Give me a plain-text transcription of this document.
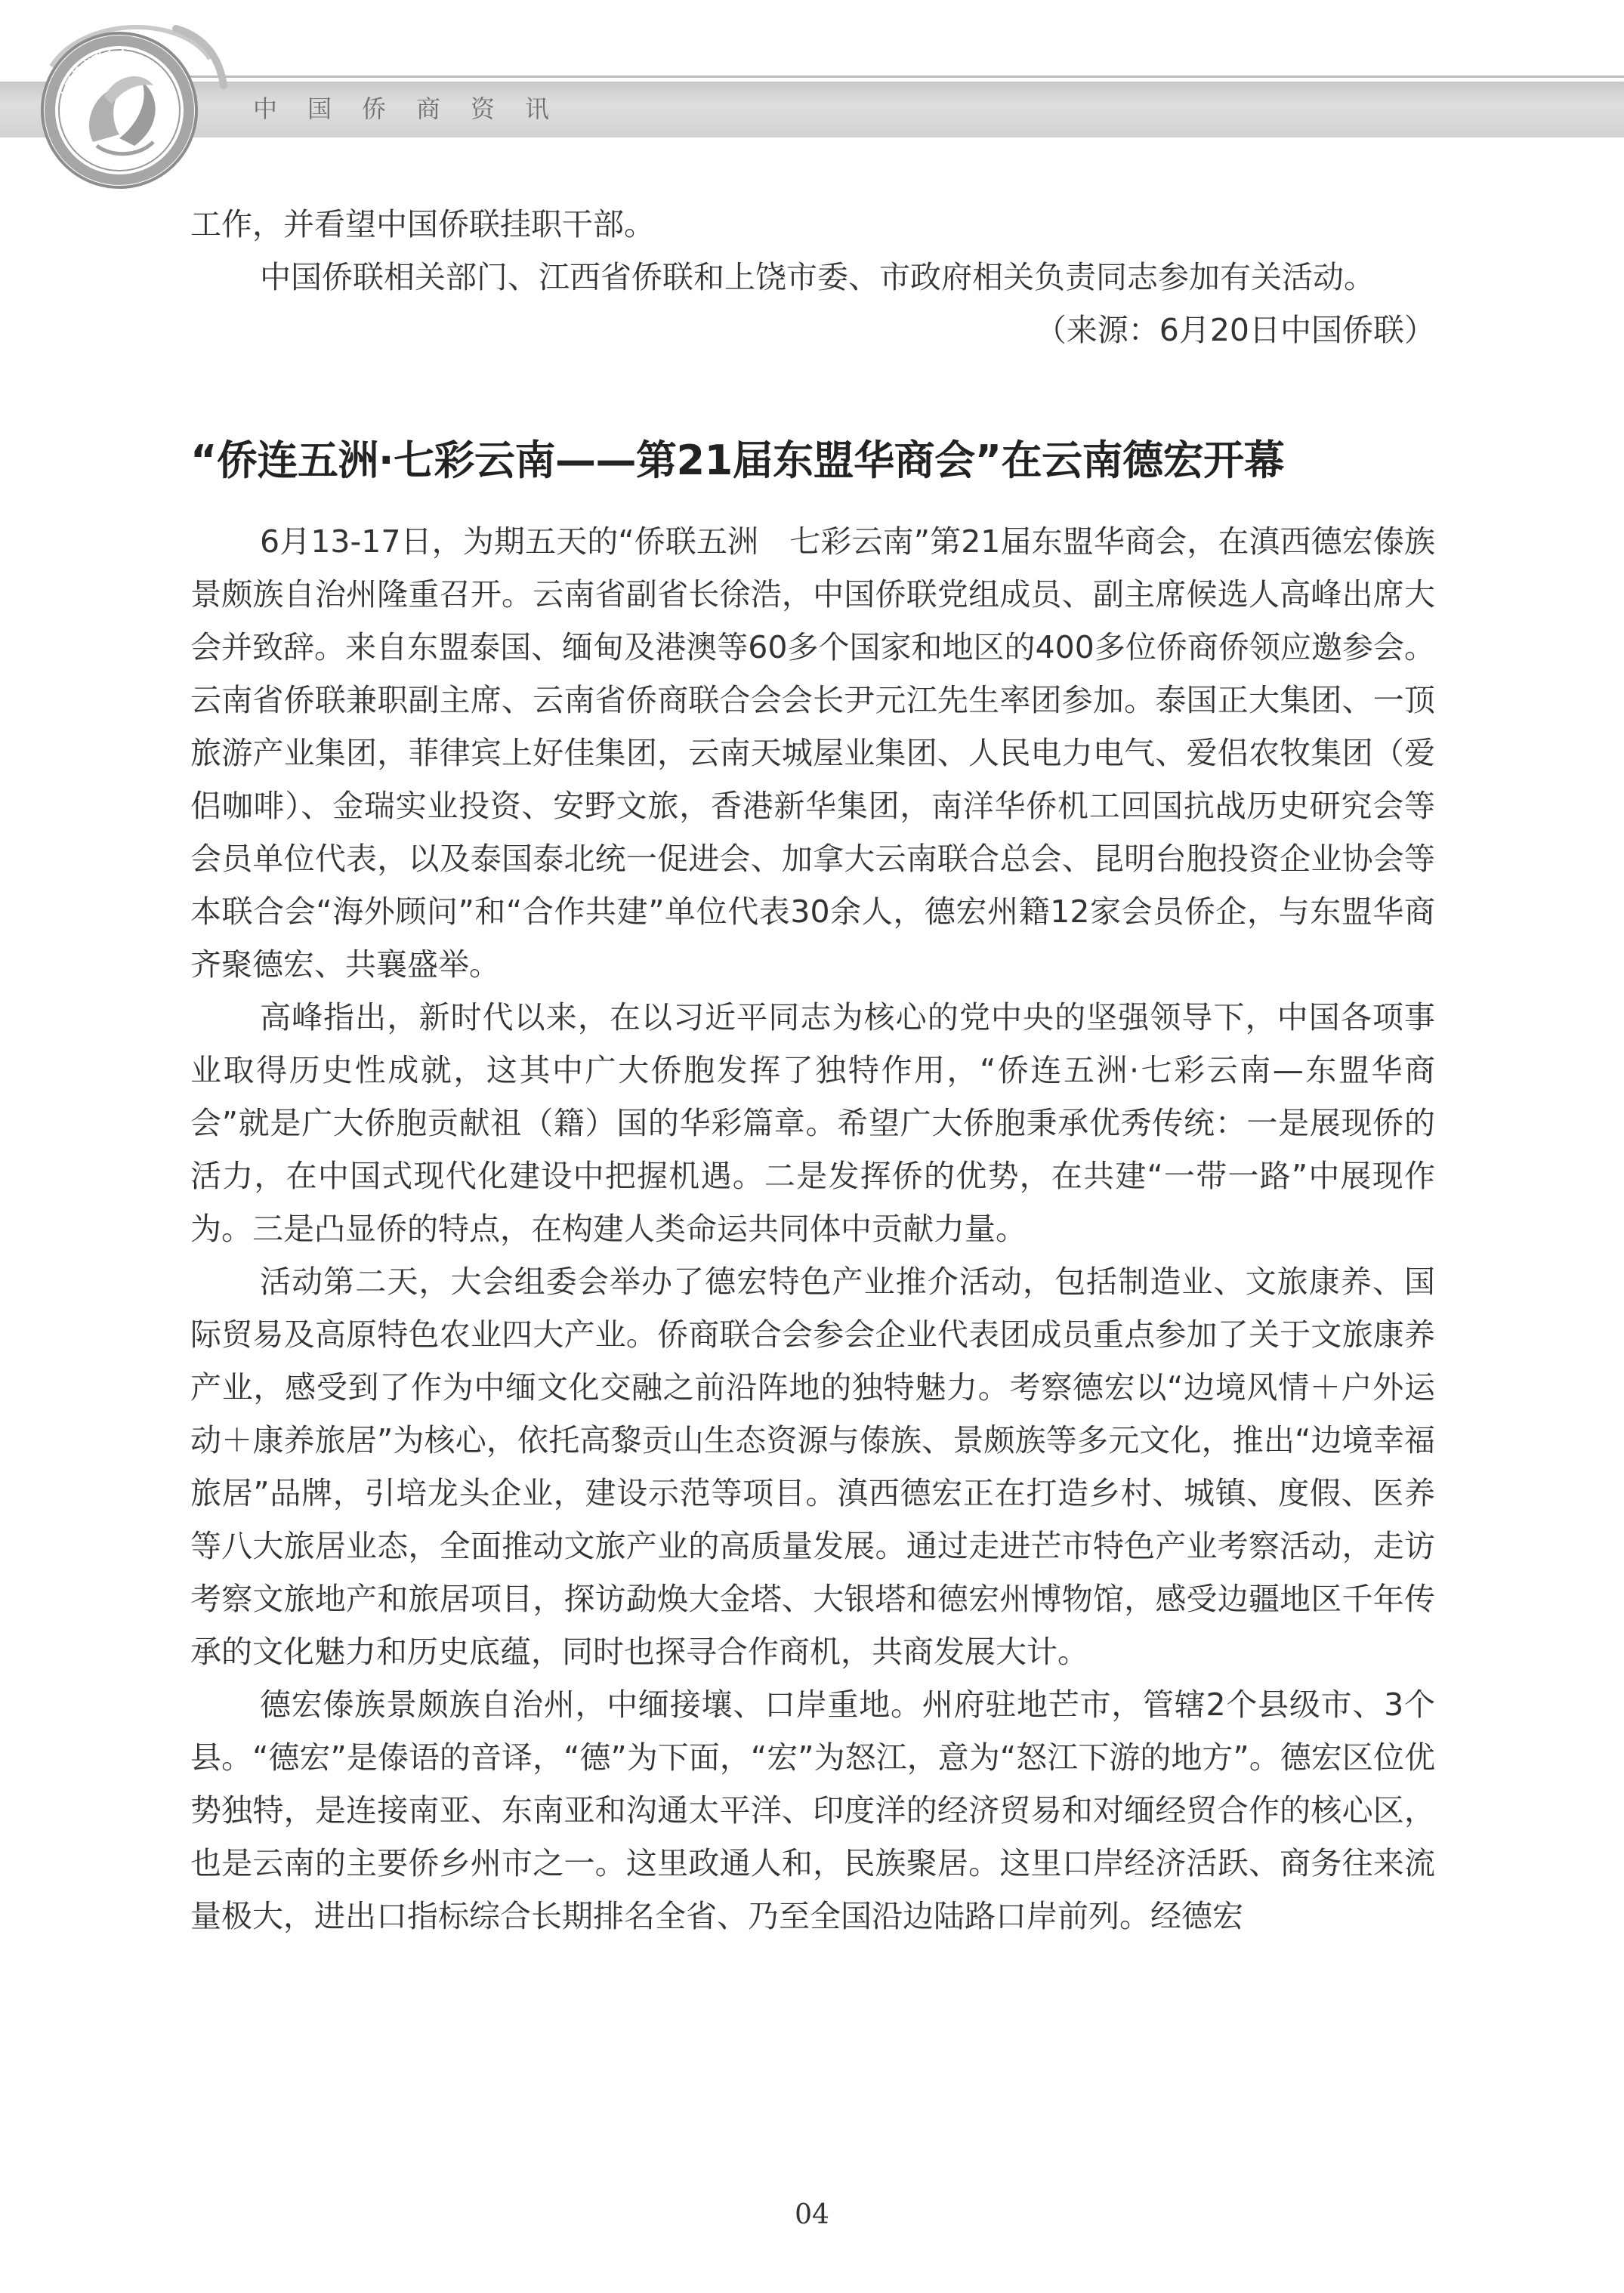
中国侨商资讯
中国侨商联合会

工作，并看望中国侨联挂职干部。

中国侨联相关部门、江西省侨联和上饶市委、市政府相关负责同志参加有关活动。

（来源：6月20日中国侨联）

“侨连五洲·七彩云南——第21届东盟华商会”在云南德宏开幕

6月13-17日，为期五天的“侨联五洲　七彩云南”第21届东盟华商会，在滇西德宏傣族景颇族自治州隆重召开。云南省副省长徐浩，中国侨联党组成员、副主席候选人高峰出席大会并致辞。来自东盟泰国、缅甸及港澳等60多个国家和地区的400多位侨商侨领应邀参会。云南省侨联兼职副主席、云南省侨商联合会会长尹元江先生率团参加。泰国正大集团、一顶旅游产业集团，菲律宾上好佳集团，云南天城屋业集团、人民电力电气、爱侣农牧集团（爱侣咖啡）、金瑞实业投资、安野文旅，香港新华集团，南洋华侨机工回国抗战历史研究会等会员单位代表，以及泰国泰北统一促进会、加拿大云南联合总会、昆明台胞投资企业协会等本联合会“海外顾问”和“合作共建”单位代表30余人，德宏州籍12家会员侨企，与东盟华商齐聚德宏、共襄盛举。

高峰指出，新时代以来，在以习近平同志为核心的党中央的坚强领导下，中国各项事业取得历史性成就，这其中广大侨胞发挥了独特作用，“侨连五洲·七彩云南—东盟华商会”就是广大侨胞贡献祖（籍）国的华彩篇章。希望广大侨胞秉承优秀传统：一是展现侨的活力，在中国式现代化建设中把握机遇。二是发挥侨的优势，在共建“一带一路”中展现作为。三是凸显侨的特点，在构建人类命运共同体中贡献力量。

活动第二天，大会组委会举办了德宏特色产业推介活动，包括制造业、文旅康养、国际贸易及高原特色农业四大产业。侨商联合会参会企业代表团成员重点参加了关于文旅康养产业，感受到了作为中缅文化交融之前沿阵地的独特魅力。考察德宏以“边境风情＋户外运动＋康养旅居”为核心，依托高黎贡山生态资源与傣族、景颇族等多元文化，推出“边境幸福旅居”品牌，引培龙头企业，建设示范等项目。滇西德宏正在打造乡村、城镇、度假、医养等八大旅居业态，全面推动文旅产业的高质量发展。通过走进芒市特色产业考察活动，走访考察文旅地产和旅居项目，探访勐焕大金塔、大银塔和德宏州博物馆，感受边疆地区千年传承的文化魅力和历史底蕴，同时也探寻合作商机，共商发展大计。

德宏傣族景颇族自治州，中缅接壤、口岸重地。州府驻地芒市，管辖2个县级市、3个县。“德宏”是傣语的音译，“德”为下面，“宏”为怒江，意为“怒江下游的地方”。德宏区位优势独特，是连接南亚、东南亚和沟通太平洋、印度洋的经济贸易和对缅经贸合作的核心区，也是云南的主要侨乡州市之一。这里政通人和，民族聚居。这里口岸经济活跃、商务往来流量极大，进出口指标综合长期排名全省、乃至全国沿边陆路口岸前列。经德宏

04
